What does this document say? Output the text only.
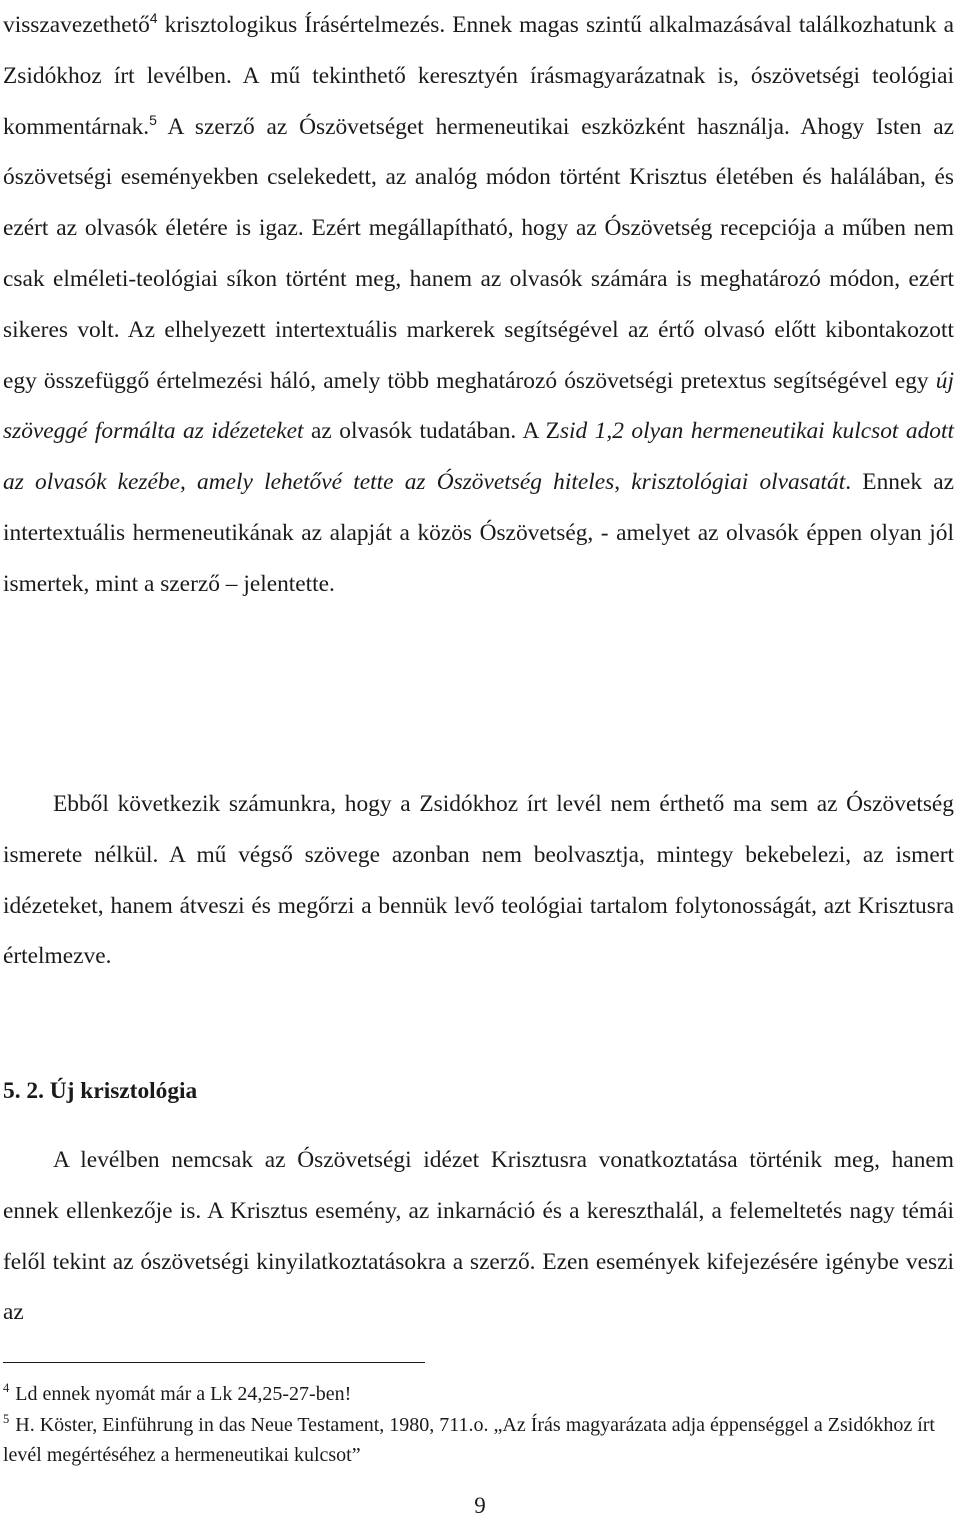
visszavezethető$^4$ krisztologikus Írásértelmezés. Ennek magas szintű alkalmazásával találkozhatunk a Zsidókhoz írt levélben. A mű tekinthető keresztyén írásmagyarázatnak is, ószövetségi teológiai kommentárnak.$^5$ A szerző az Ószövetséget hermeneutikai eszközként használja. Ahogy Isten az ószövetségi eseményekben cselekedett, az analóg módon történt Krisztus életében és halálában, és ezért az olvasók életére is igaz. Ezért megállapítható, hogy az Ószövetség recepciója a műben nem csak elméleti-teológiai síkon történt meg, hanem az olvasók számára is meghatározó módon, ezért sikeres volt. Az elhelyezett intertextuális markerek segítségével az értő olvasó előtt kibontakozott egy összefüggő értelmezési háló, amely több meghatározó ószövetségi pretextus segítségével egy új szöveggé formálta az idézeteket az olvasók tudatában. A Zsid 1,2 olyan hermeneutikai kulcsot adott az olvasók kezébe, amely lehetővé tette az Ószövetség hiteles, krisztológiai olvasatát. Ennek az intertextuális hermeneutikának az alapját a közös Ószövetség, - amelyet az olvasók éppen olyan jól ismertek, mint a szerző – jelentette.

Ebből következik számunkra, hogy a Zsidókhoz írt levél nem érthető ma sem az Ószövetség ismerete nélkül. A mű végső szövege azonban nem beolvasztja, mintegy bekebelezi, az ismert idézeteket, hanem átveszi és megőrzi a bennük levő teológiai tartalom folytonosságát, azt Krisztusra értelmezve.

5. 2. Új krisztológia

A levélben nemcsak az Ószövetségi idézet Krisztusra vonatkoztatása történik meg, hanem ennek ellenkezője is. A Krisztus esemény, az inkarnáció és a kereszthalál, a felemeltetés nagy témái felől tekint az ószövetségi kinyilatkoztatásokra a szerző. Ezen események kifejezésére igénybe veszi az

$^4$ Ld ennek nyomát már a Lk 24,25-27-ben!

$^5$ H. Köster, Einführung in das Neue Testament, 1980, 711.o. „Az Írás magyarázata adja éppenséggel a Zsidókhoz írt levél megértéséhez a hermeneutikai kulcsot”

9
